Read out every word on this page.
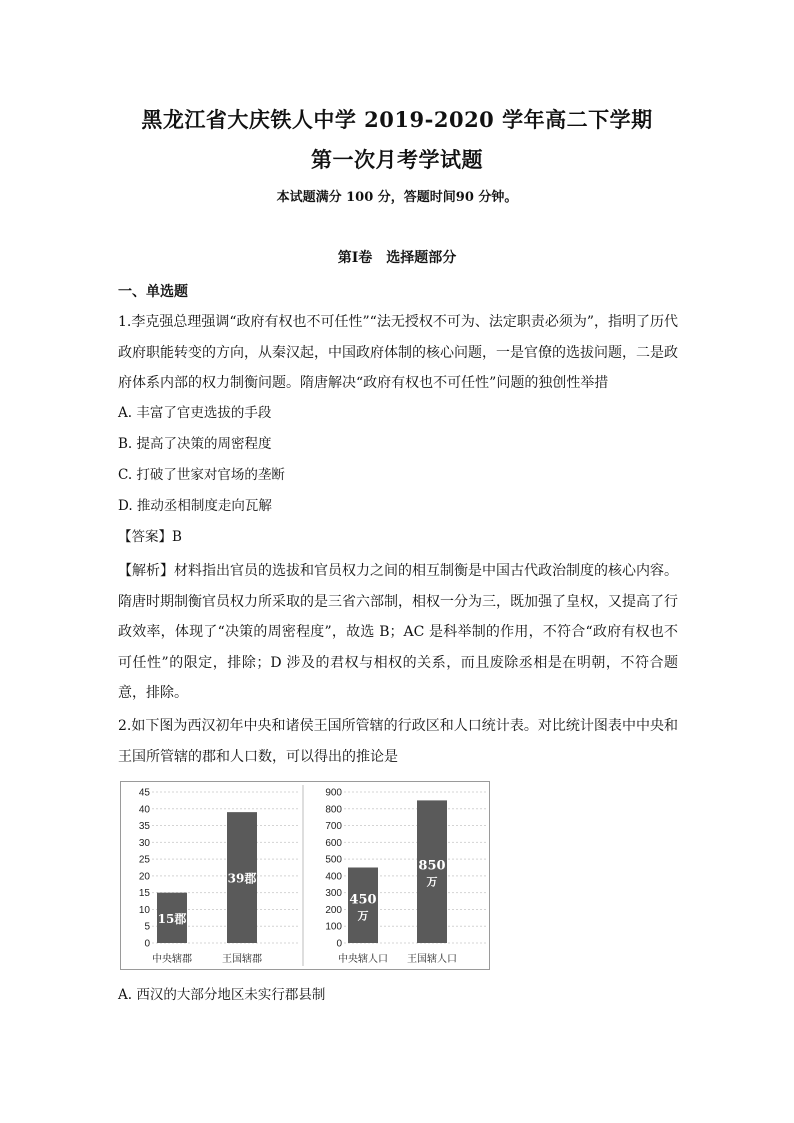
黑龙江省大庆铁人中学 2019-2020 学年高二下学期
第一次月考学试题
本试题满分 100 分，答题时间90 分钟。
第Ⅰ卷　选择题部分
一、单选题
1.李克强总理强调“政府有权也不可任性”“法无授权不可为、法定职责必须为”，指明了历代政府职能转变的方向，从秦汉起，中国政府体制的核心问题，一是官僚的选拔问题，二是政府体系内部的权力制衡问题。隋唐解决“政府有权也不可任性”问题的独创性举措
A. 丰富了官吏选拔的手段
B. 提高了决策的周密程度
C. 打破了世家对官场的垄断
D. 推动丞相制度走向瓦解
【答案】B
【解析】材料指出官员的选拔和官员权力之间的相互制衡是中国古代政治制度的核心内容。隋唐时期制衡官员权力所采取的是三省六部制，相权一分为三，既加强了皇权，又提高了行政效率，体现了“决策的周密程度”，故选 B；AC 是科举制的作用，不符合“政府有权也不可任性”的限定，排除；D 涉及的君权与相权的关系，而且废除丞相是在明朝，不符合题意，排除。
2.如下图为西汉初年中央和诸侯王国所管辖的行政区和人口统计表。对比统计图表中中央和王国所管辖的郡和人口数，可以得出的推论是
0
5
10
15
20
25
30
35
40
45
15郡
中央辖郡
39郡
王国辖郡
0
100
200
300
400
500
600
700
800
900
450
万
中央辖人口
850
万
王国辖人口
A. 西汉的大部分地区未实行郡县制
